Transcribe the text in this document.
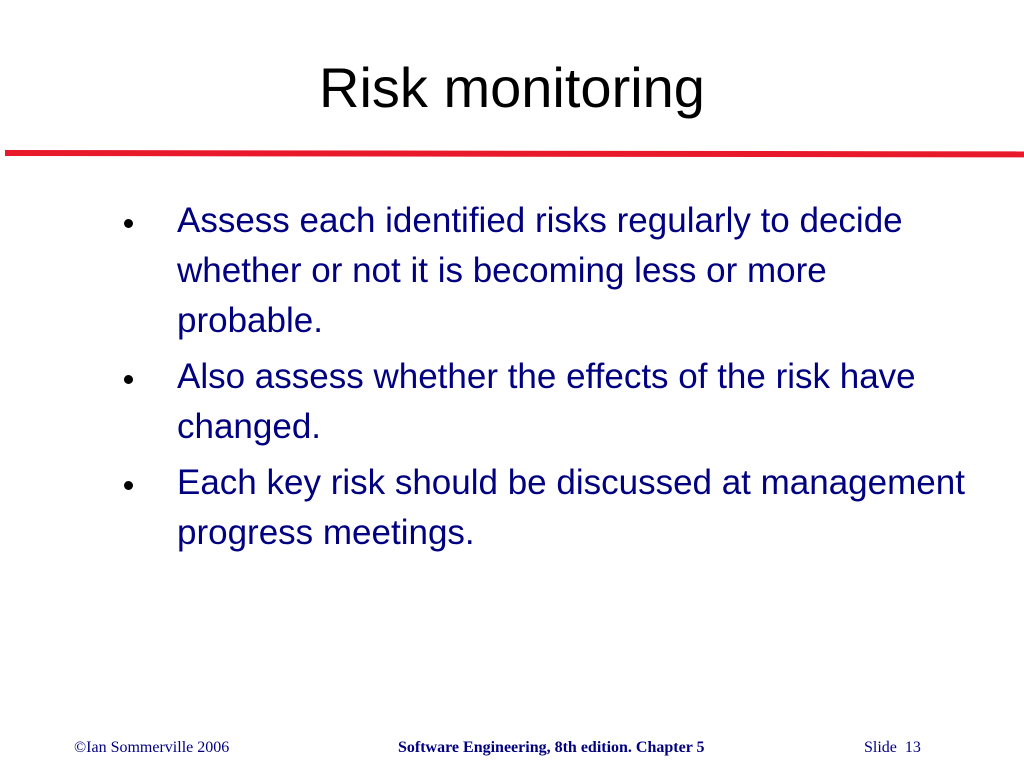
Risk monitoring
Assess each identified risks regularly to decide whether or not it is becoming less or more probable.
Also assess whether the effects of the risk have changed.
Each key risk should be discussed at management progress meetings.
©Ian Sommerville 2006	Software Engineering, 8th edition. Chapter 5	Slide  13
